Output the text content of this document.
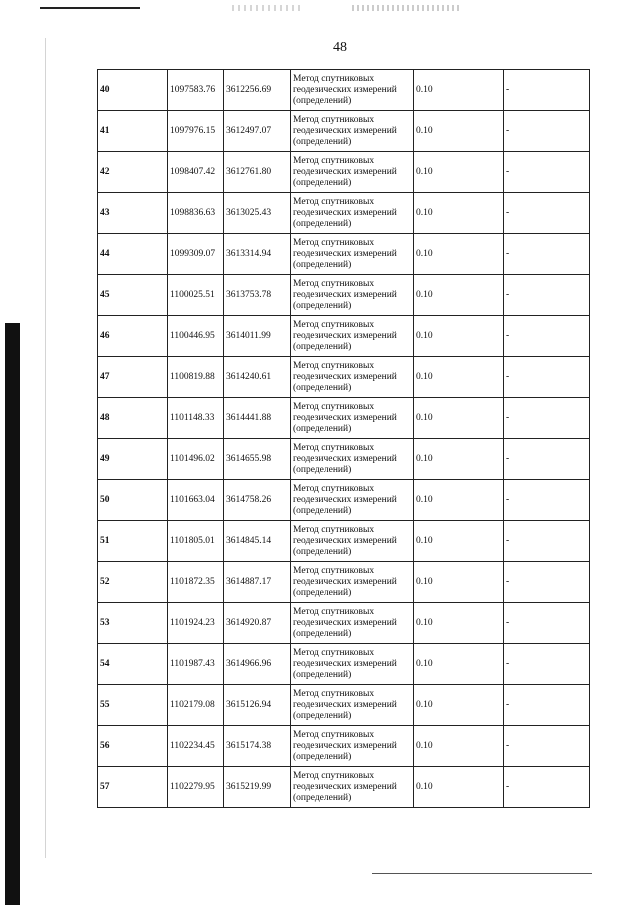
48
40	1097583.76	3612256.69	Метод спутниковых
геодезических измерений
(определений)	0.10	-
41	1097976.15	3612497.07	Метод спутниковых
геодезических измерений
(определений)	0.10	-
42	1098407.42	3612761.80	Метод спутниковых
геодезических измерений
(определений)	0.10	-
43	1098836.63	3613025.43	Метод спутниковых
геодезических измерений
(определений)	0.10	-
44	1099309.07	3613314.94	Метод спутниковых
геодезических измерений
(определений)	0.10	-
45	1100025.51	3613753.78	Метод спутниковых
геодезических измерений
(определений)	0.10	-
46	1100446.95	3614011.99	Метод спутниковых
геодезических измерений
(определений)	0.10	-
47	1100819.88	3614240.61	Метод спутниковых
геодезических измерений
(определений)	0.10	-
48	1101148.33	3614441.88	Метод спутниковых
геодезических измерений
(определений)	0.10	-
49	1101496.02	3614655.98	Метод спутниковых
геодезических измерений
(определений)	0.10	-
50	1101663.04	3614758.26	Метод спутниковых
геодезических измерений
(определений)	0.10	-
51	1101805.01	3614845.14	Метод спутниковых
геодезических измерений
(определений)	0.10	-
52	1101872.35	3614887.17	Метод спутниковых
геодезических измерений
(определений)	0.10	-
53	1101924.23	3614920.87	Метод спутниковых
геодезических измерений
(определений)	0.10	-
54	1101987.43	3614966.96	Метод спутниковых
геодезических измерений
(определений)	0.10	-
55	1102179.08	3615126.94	Метод спутниковых
геодезических измерений
(определений)	0.10	-
56	1102234.45	3615174.38	Метод спутниковых
геодезических измерений
(определений)	0.10	-
57	1102279.95	3615219.99	Метод спутниковых
геодезических измерений
(определений)	0.10	-
